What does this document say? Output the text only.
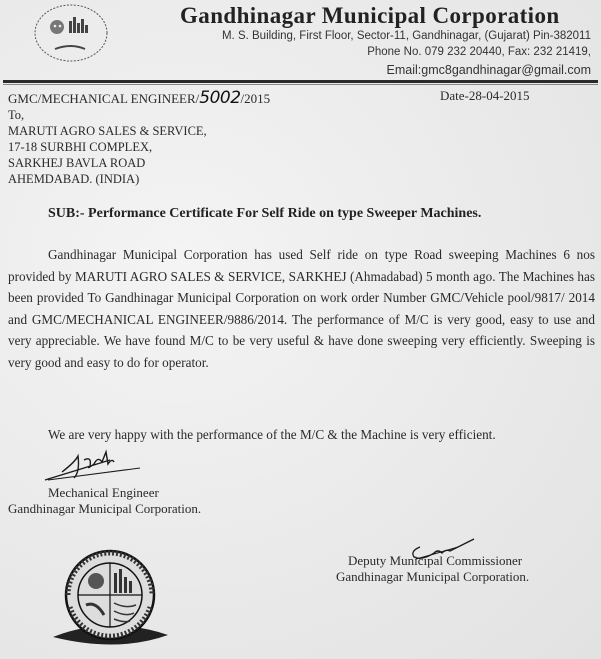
Gandhinagar Municipal Corporation
M. S. Building, First Floor, Sector-11, Gandhinagar, (Gujarat) Pin-382011
Phone No. 079 232 20440, Fax: 232 21419,
Email:gmc8gandhinagar@gmail.com
GMC/MECHANICAL ENGINEER/5002/2015	Date-28-04-2015
To,
MARUTI AGRO SALES & SERVICE,
17-18 SURBHI COMPLEX,
SARKHEJ BAVLA ROAD
AHEMDABAD. (INDIA)
SUB:- Performance Certificate For Self Ride on type Sweeper Machines.

Gandhinagar Municipal Corporation has used Self ride on type Road sweeping Machines 6 nos provided by MARUTI AGRO SALES & SERVICE, SARKHEJ (Ahmadabad) 5 month ago. The Machines has been provided To Gandhinagar Municipal Corporation on work order Number GMC/Vehicle pool/9817/ 2014 and GMC/MECHANICAL ENGINEER/9886/2014. The performance of M/C is very good, easy to use and very appreciable. We have found M/C to be very useful & have done sweeping very efficiently. Sweeping is very good and easy to do for operator.

We are very happy with the performance of the M/C & the Machine is very efficient.
Mechanical Engineer
Gandhinagar Municipal Corporation.
Deputy Municipal Commissioner
Gandhinagar Municipal Corporation.
